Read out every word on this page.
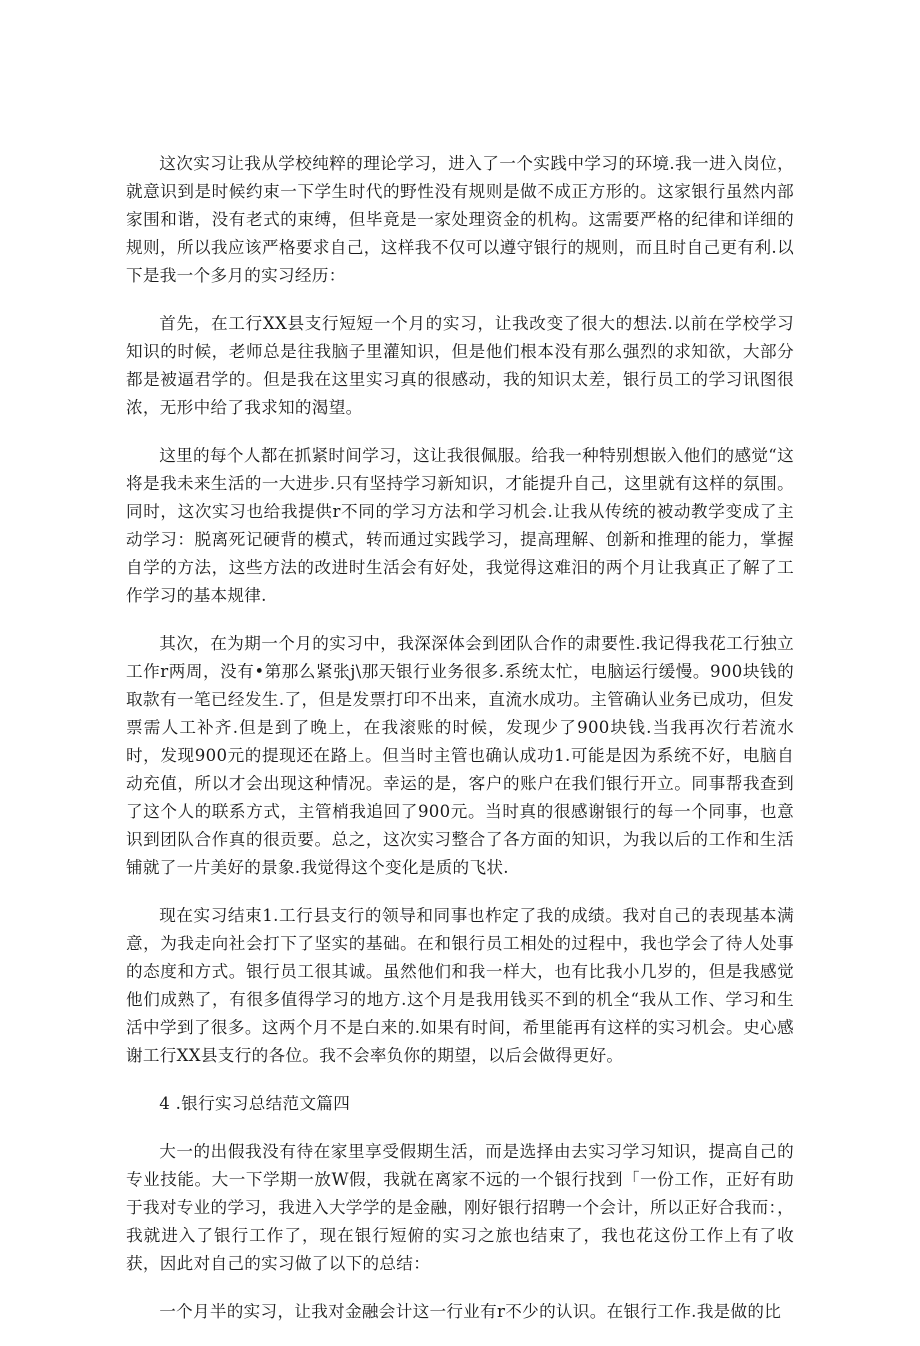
这次实习让我从学校纯粹的理论学习，进入了一个实践中学习的环境.我一进入岗位，就意识到是时候约束一下学生时代的野性没有规则是做不成正方形的。这家银行虽然内部家围和谐，没有老式的束缚，但毕竟是一家处理资金的机构。这需要严格的纪律和详细的规则，所以我应该严格要求自己，这样我不仅可以遵守银行的规则，而且时自己更有利.以下是我一个多月的实习经历：

首先，在工行XX县支行短短一个月的实习，让我改变了很大的想法.以前在学校学习知识的时候，老师总是往我脑子里灌知识，但是他们根本没有那么强烈的求知欲，大部分都是被逼君学的。但是我在这里实习真的很感动，我的知识太差，银行员工的学习讯图很浓，无形中给了我求知的渴望。

这里的每个人都在抓紧时间学习，这让我很佩服。给我一种特别想嵌入他们的感觉“这将是我未来生活的一大进步.只有坚持学习新知识，才能提升自己，这里就有这样的氛围。同时，这次实习也给我提供r不同的学习方法和学习机会.让我从传统的被动教学变成了主动学习：脱离死记硬背的模式，转而通过实践学习，提高理解、创新和推理的能力，掌握自学的方法，这些方法的改进时生活会有好处，我觉得这难汨的两个月让我真正了解了工作学习的基本规律.

其次，在为期一个月的实习中，我深深体会到团队合作的肃要性.我记得我花工行独立工作r两周，没有•第那么紧张j\那天银行业务很多.系统太忙，电脑运行缓慢。900块钱的取款有一笔已经发生.了，但是发票打印不出来，直流水成功。主管确认业务已成功，但发票需人工补齐.但是到了晚上，在我滚账的时候，发现少了900块钱.当我再次行若流水时，发现900元的提现还在路上。但当时主管也确认成功1.可能是因为系统不好，电脑自动充值，所以才会出现这种情况。幸运的是，客户的账户在我们银行开立。同事帮我查到了这个人的联系方式，主管梢我追回了900元。当时真的很感谢银行的每一个同事，也意识到团队合作真的很贡要。总之，这次实习整合了各方面的知识，为我以后的工作和生活铺就了一片美好的景象.我觉得这个变化是质的飞状.

现在实习结束1.工行县支行的领导和同事也柞定了我的成绩。我对自己的表现基本满意，为我走向社会打下了坚实的基础。在和银行员工相处的过程中，我也学会了待人处事的态度和方式。银行员工很其诚。虽然他们和我一样大，也有比我小几岁的，但是我感觉他们成熟了，有很多值得学习的地方.这个月是我用钱买不到的机全“我从工作、学习和生活中学到了很多。这两个月不是白来的.如果有时间，希里能再有这样的实习机会。史心感谢工行XX县支行的各位。我不会率负你的期望，以后会做得更好。

4 .银行实习总结范文篇四

大一的出假我没有待在家里享受假期生活，而是选择由去实习学习知识，提高自己的专业技能。大一下学期一放W假，我就在离家不远的一个银行找到「一份工作，正好有助于我对专业的学习，我进入大学学的是金融，刚好银行招聘一个会计，所以正好合我而：，我就进入了银行工作了，现在银行短俯的实习之旅也结束了，我也花这份工作上有了收获，因此对自己的实习做了以下的总结：

一个月半的实习，让我对金融会计这一行业有r不少的认识。在银行工作.我是做的比
